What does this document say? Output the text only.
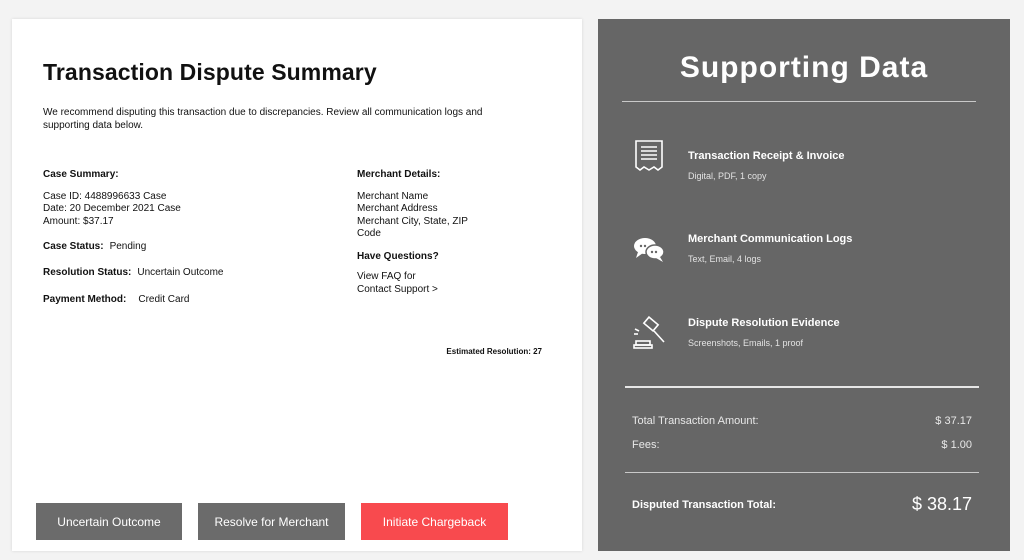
Transaction Dispute Summary

We recommend disputing this transaction due to discrepancies. Review all communication logs and supporting data below.

Case Summary:
Case ID: 4488996633 Case
Date: 20 December 2021 Case
Amount: $37.17
Case Status: Pending
Resolution Status: Uncertain Outcome
Payment Method: Credit Card
Merchant Details:
Merchant Name
Merchant Address
Merchant City, State, ZIP
Code
Have Questions?
View FAQ for
Contact Support >
Estimated Resolution: 27
Uncertain Outcome	Resolve for Merchant	Initiate Chargeback
Supporting Data
Transaction Receipt & Invoice
Digital, PDF, 1 copy
Merchant Communication Logs
Text, Email, 4 logs
Dispute Resolution Evidence
Screenshots, Emails, 1 proof
Total Transaction Amount:	$ 37.17
Fees:	$ 1.00
Disputed Transaction Total:	$ 38.17
